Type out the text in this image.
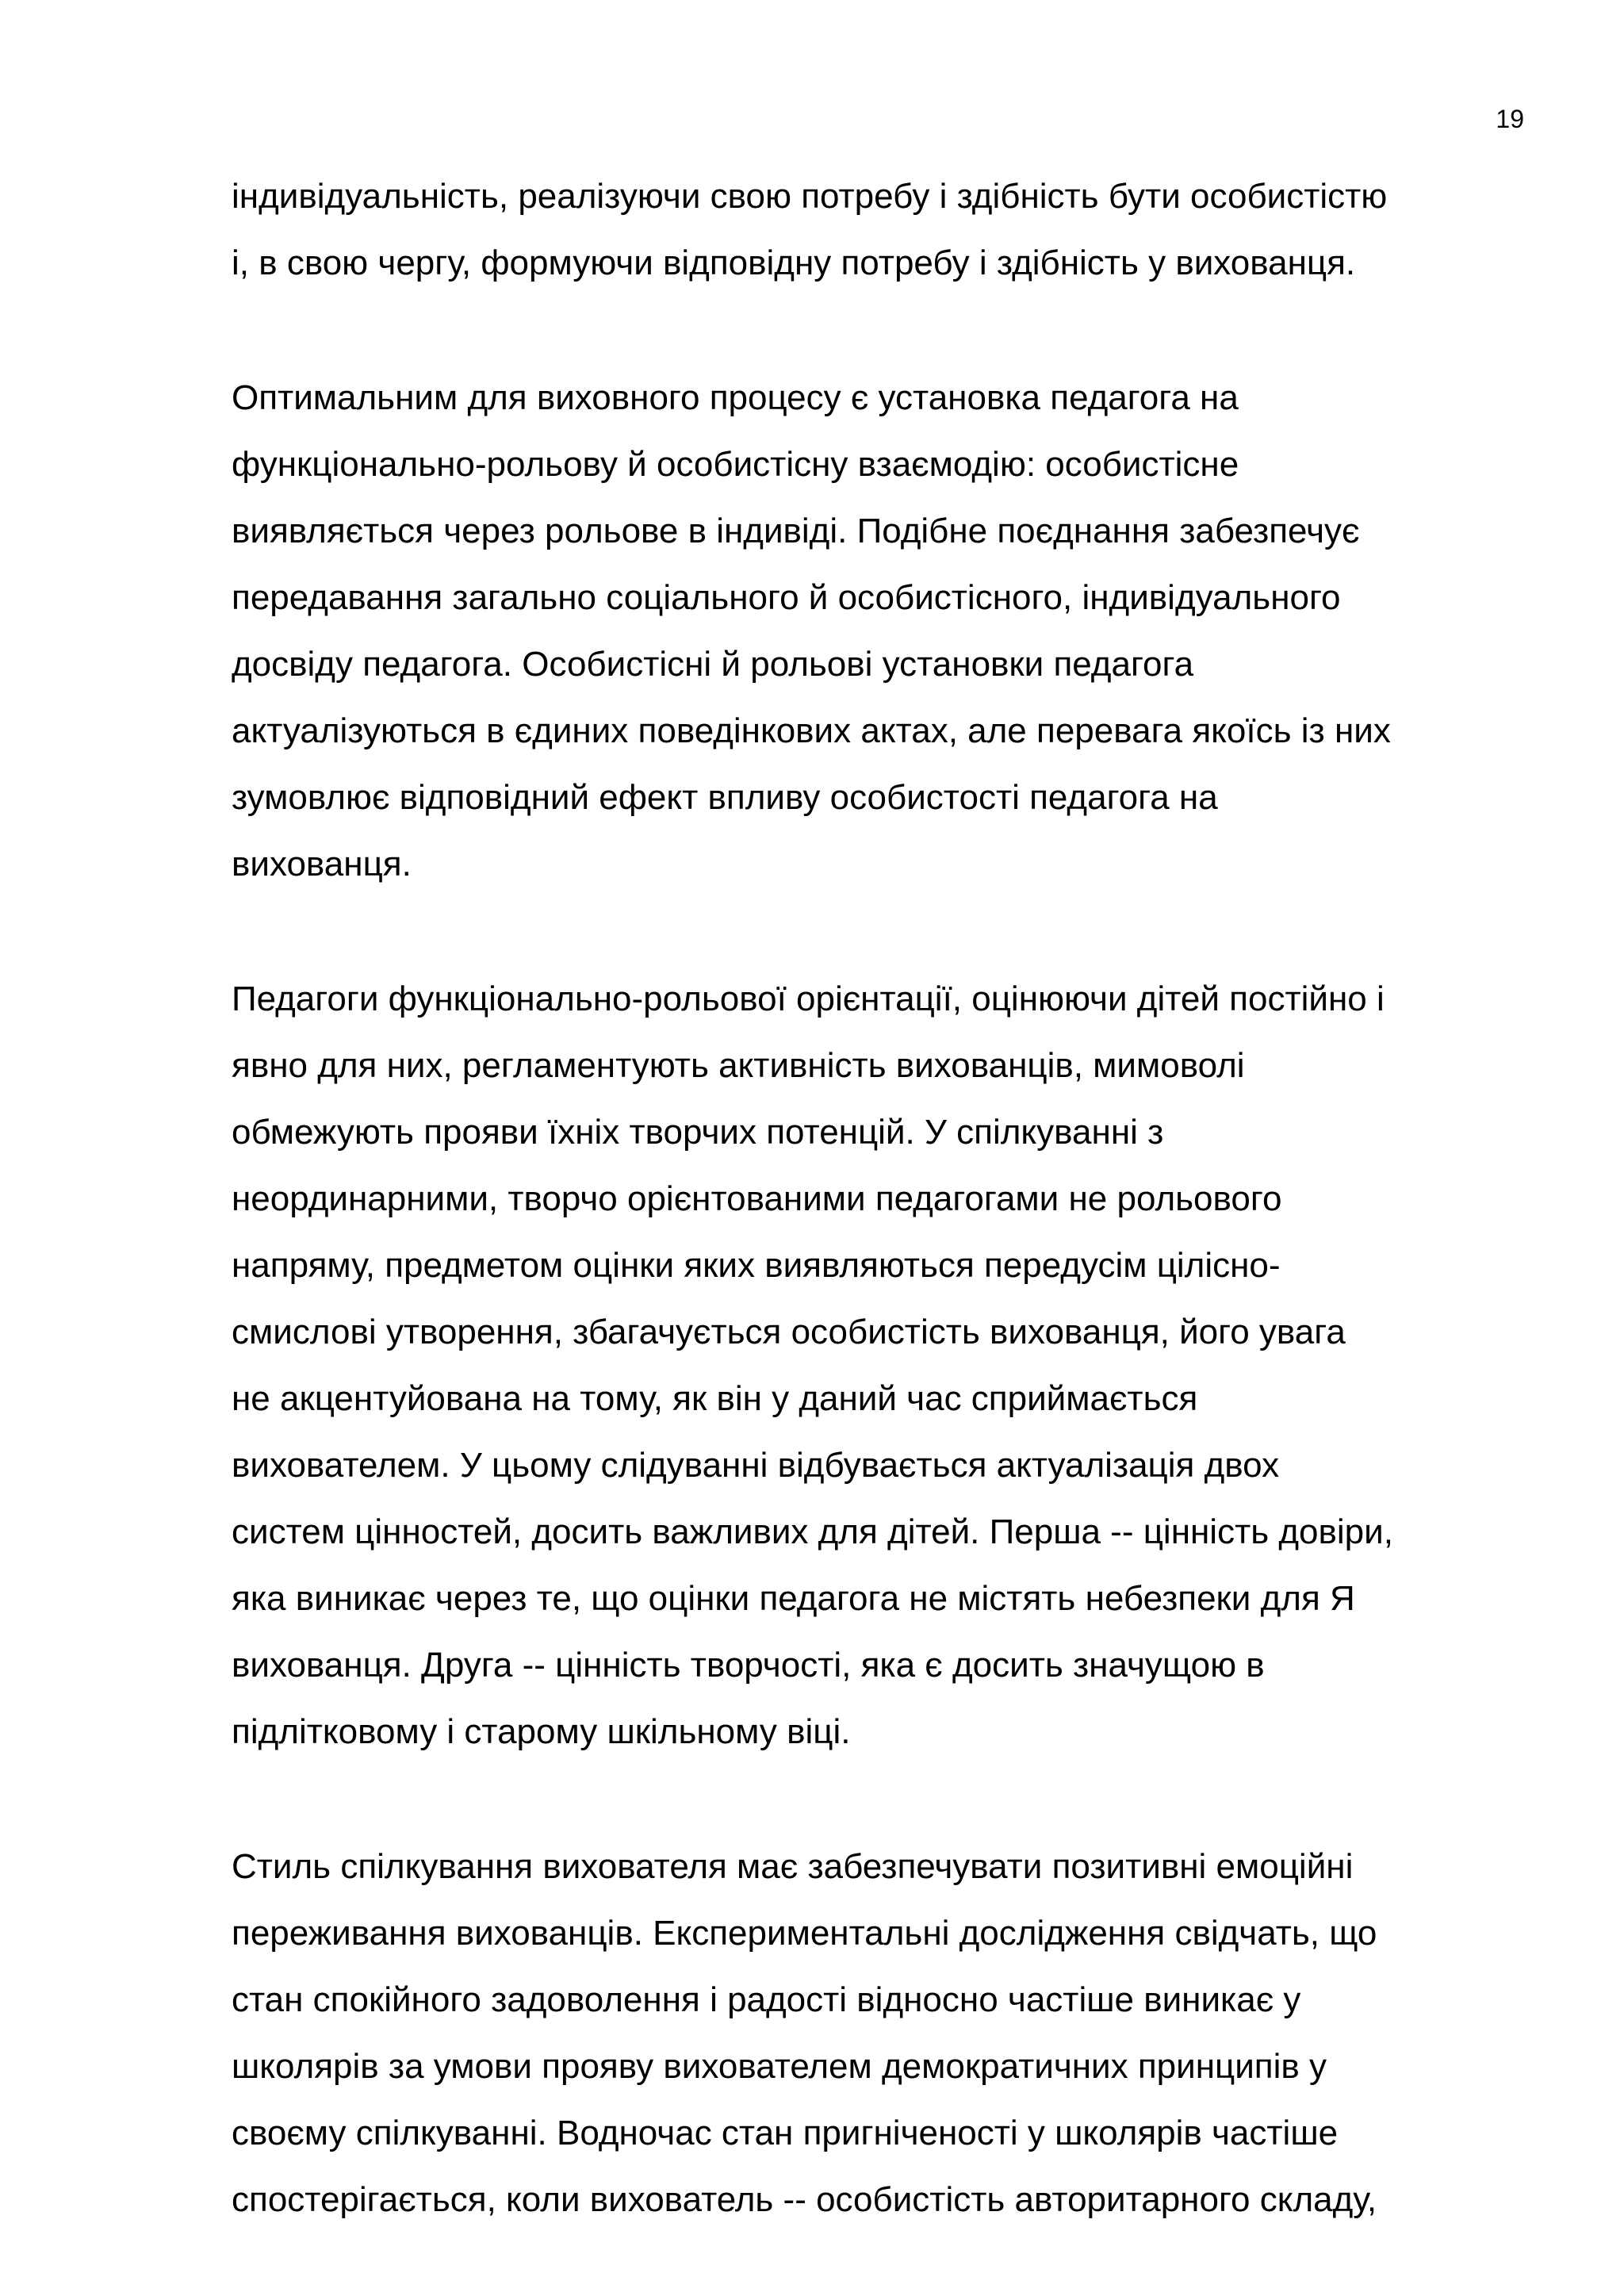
19
індивідуальність, реалізуючи свою потребу і здібність бути особистістю
і, в свою чергу, формуючи відповідну потребу і здібність у вихованця.
Оптимальним для виховного процесу є установка педагога на
функціонально-рольову й особистісну взаємодію: особистісне
виявляється через рольове в індивіді. Подібне поєднання забезпечує
передавання загально соціального й особистісного, індивідуального
досвіду педагога. Особистісні й рольові установки педагога
актуалізуються в єдиних поведінкових актах, але перевага якоїсь із них
зумовлює відповідний ефект впливу особистості педагога на
вихованця.
Педагоги функціонально-рольової орієнтації, оцінюючи дітей постійно і
явно для них, регламентують активність вихованців, мимоволі
обмежують прояви їхніх творчих потенцій. У спілкуванні з
неординарними, творчо орієнтованими педагогами не рольового
напряму, предметом оцінки яких виявляються передусім цілісно-
смислові утворення, збагачується особистість вихованця, його увага
не акцентуйована на тому, як він у даний час сприймається
вихователем. У цьому слідуванні відбувається актуалізація двох
систем цінностей, досить важливих для дітей. Перша -- цінність довіри,
яка виникає через те, що оцінки педагога не містять небезпеки для Я
вихованця. Друга -- цінність творчості, яка є досить значущою в
підлітковому і старому шкільному віці.
Стиль спілкування вихователя має забезпечувати позитивні емоційні
переживання вихованців. Експериментальні дослідження свідчать, що
стан спокійного задоволення і радості відносно частіше виникає у
школярів за умови прояву вихователем демократичних принципів у
своєму спілкуванні. Водночас стан пригніченості у школярів частіше
спостерігається, коли вихователь -- особистість авторитарного складу,
